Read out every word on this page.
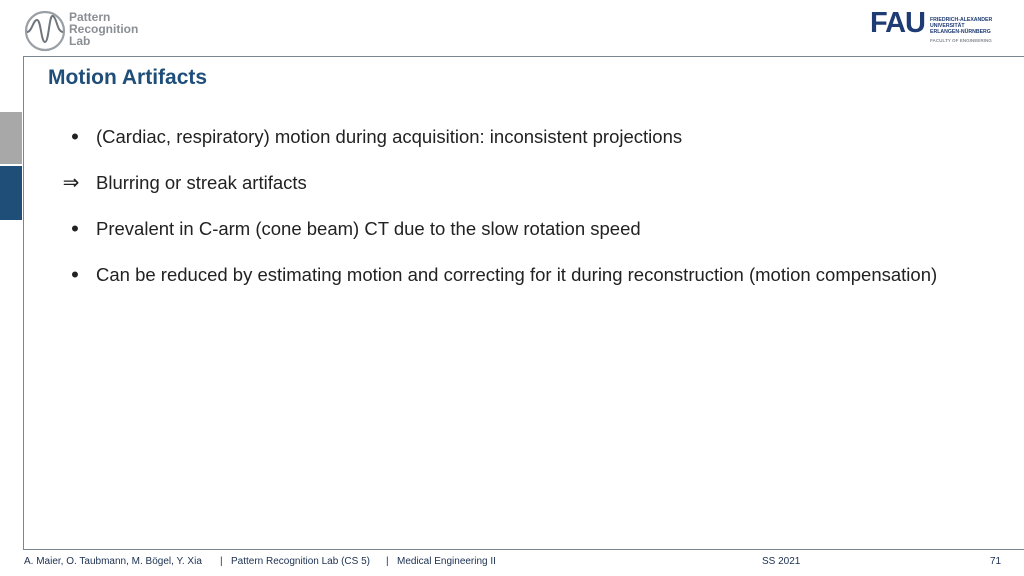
Pattern
Recognition
Lab
FAU FRIEDRICH-ALEXANDER
UNIVERSITÄT
ERLANGEN-NÜRNBERG
FACULTY OF ENGINEERING
Motion Artifacts
• (Cardiac, respiratory) motion during acquisition: inconsistent projections
⇒ Blurring or streak artifacts
• Prevalent in C-arm (cone beam) CT due to the slow rotation speed
• Can be reduced by estimating motion and correcting for it during reconstruction (motion compensation)
A. Maier, O. Taubmann, M. Bögel, Y. Xia | Pattern Recognition Lab (CS 5) | Medical Engineering II	SS 2021	71
